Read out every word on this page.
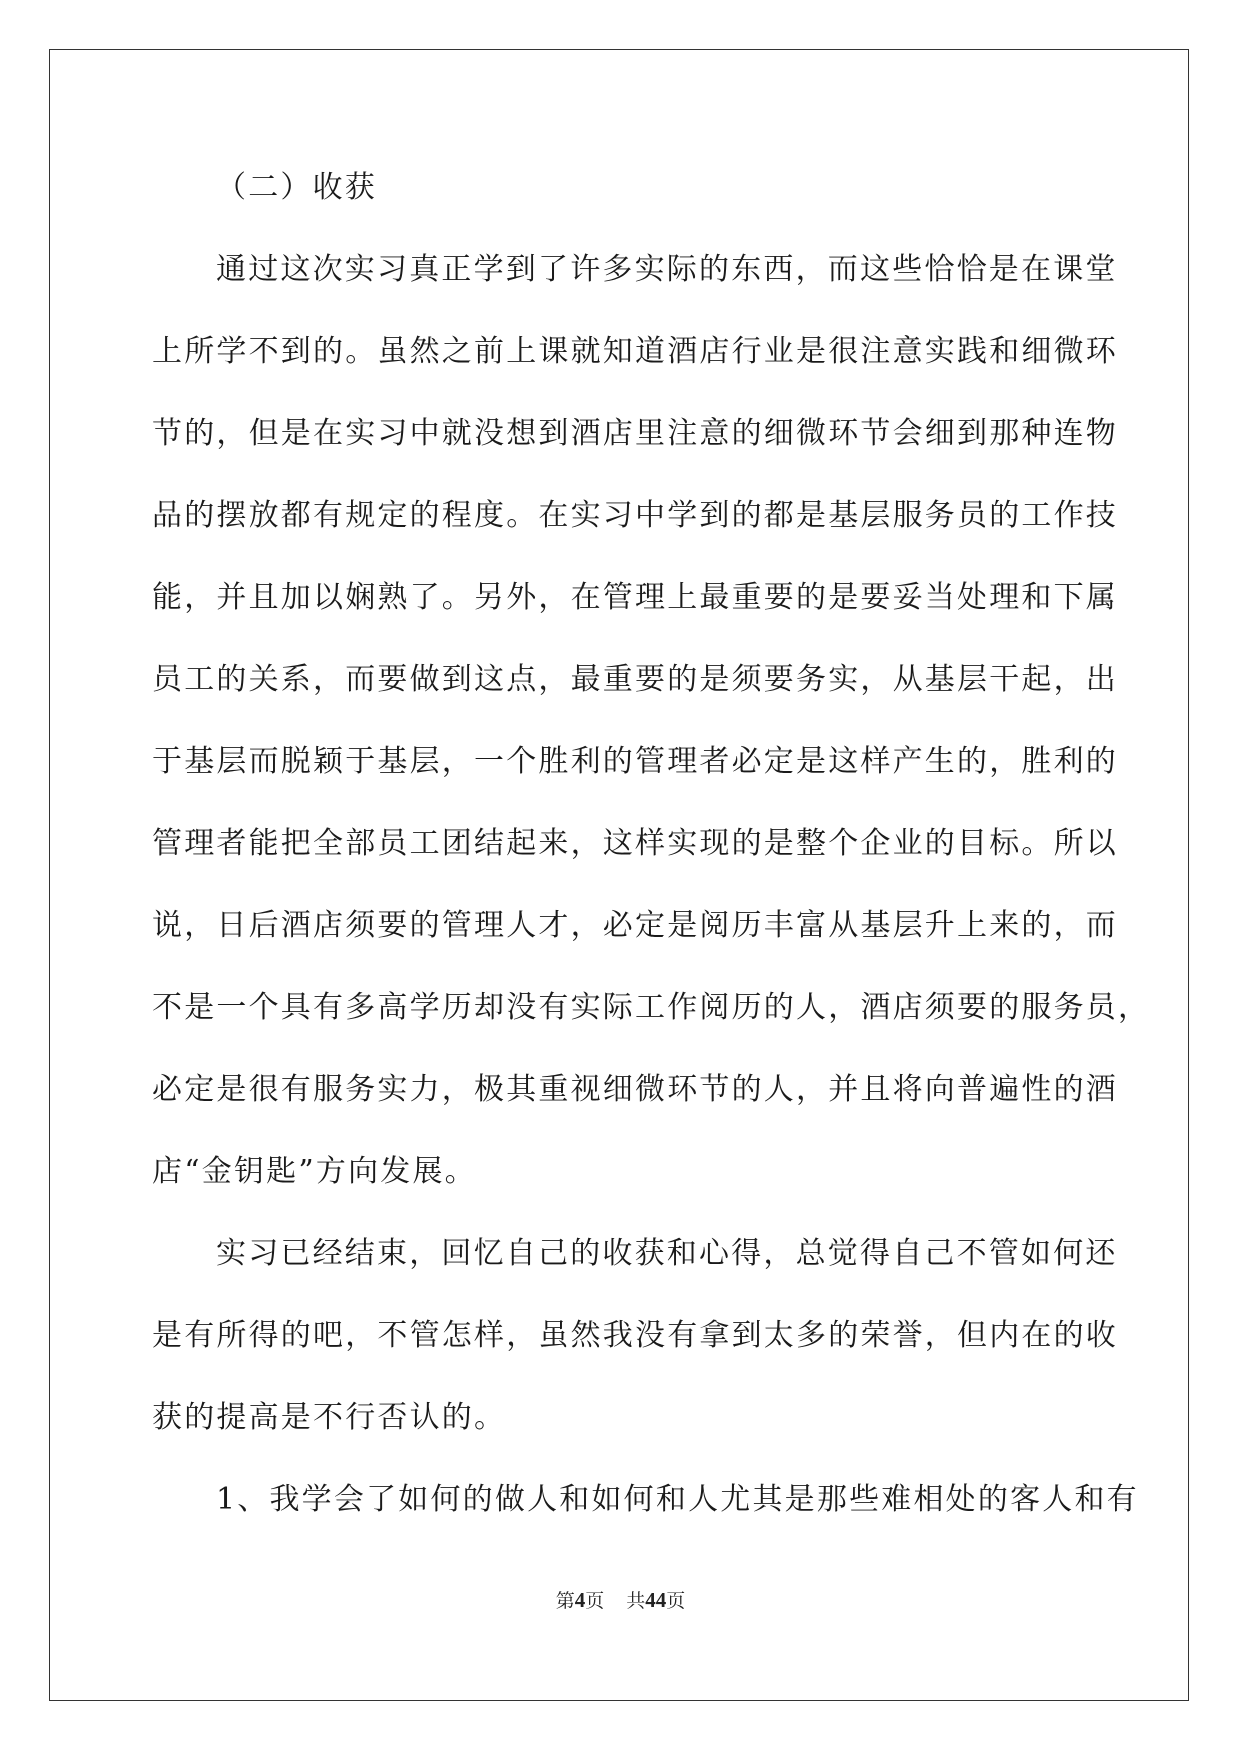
（二）收获
通过这次实习真正学到了许多实际的东西，而这些恰恰是在课堂
上所学不到的。虽然之前上课就知道酒店行业是很注意实践和细微环
节的，但是在实习中就没想到酒店里注意的细微环节会细到那种连物
品的摆放都有规定的程度。在实习中学到的都是基层服务员的工作技
能，并且加以娴熟了。另外，在管理上最重要的是要妥当处理和下属
员工的关系，而要做到这点，最重要的是须要务实，从基层干起，出
于基层而脱颖于基层，一个胜利的管理者必定是这样产生的，胜利的
管理者能把全部员工团结起来，这样实现的是整个企业的目标。所以
说，日后酒店须要的管理人才，必定是阅历丰富从基层升上来的，而
不是一个具有多高学历却没有实际工作阅历的人，酒店须要的服务员，
必定是很有服务实力，极其重视细微环节的人，并且将向普遍性的酒
店“金钥匙”方向发展。
实习已经结束，回忆自己的收获和心得，总觉得自己不管如何还
是有所得的吧，不管怎样，虽然我没有拿到太多的荣誉，但内在的收
获的提高是不行否认的。
1、我学会了如何的做人和如何和人尤其是那些难相处的客人和有
第4页 共44页
